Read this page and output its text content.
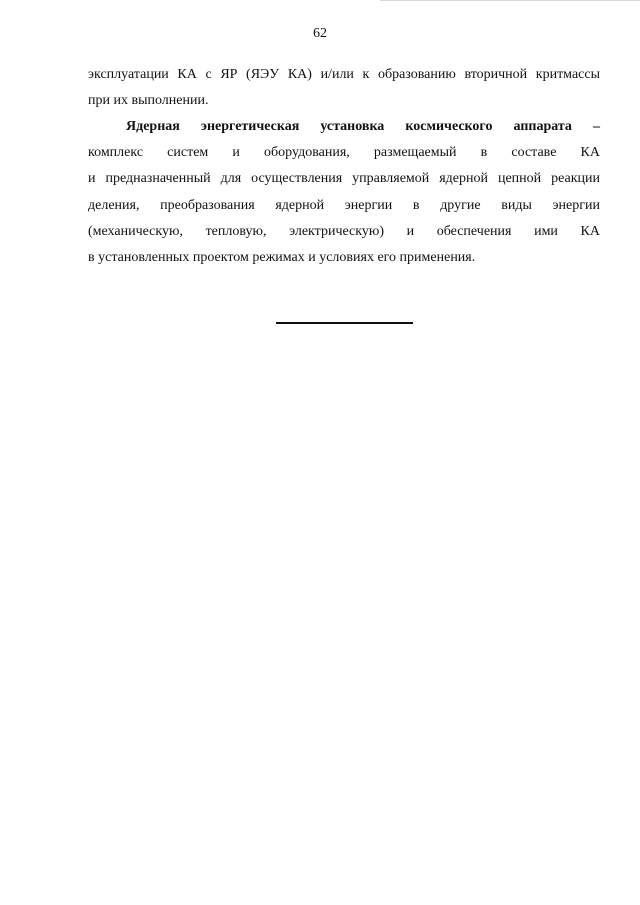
62
эксплуатации КА с ЯР (ЯЭУ КА) и/или к образованию вторичной критмассы
при их выполнении.
Ядерная энергетическая установка космического аппарата –
комплекс систем и оборудования, размещаемый в составе КА
и предназначенный для осуществления управляемой ядерной цепной реакции
деления, преобразования ядерной энергии в другие виды энергии
(механическую, тепловую, электрическую) и обеспечения ими КА
в установленных проектом режимах и условиях его применения.
